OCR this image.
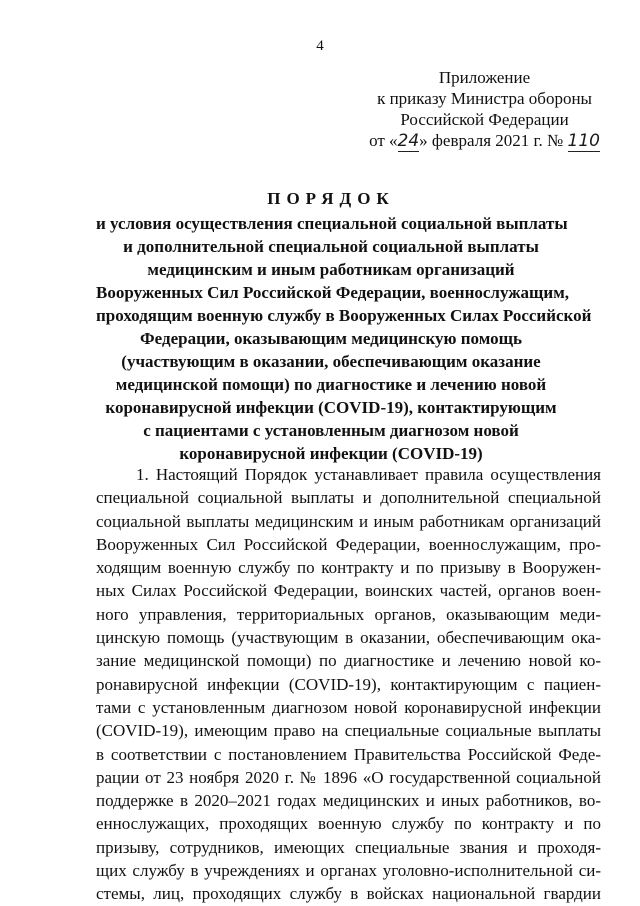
4
Приложение
к приказу Министра обороны
Российской Федерации
от «24» февраля 2021 г. № 110
ПОРЯДОК
и условия осуществления специальной социальной выплаты
и дополнительной специальной социальной выплаты
медицинским и иным работникам организаций
Вооруженных Сил Российской Федерации, военнослужащим,
проходящим военную службу в Вооруженных Силах Российской
Федерации, оказывающим медицинскую помощь
(участвующим в оказании, обеспечивающим оказание
медицинской помощи) по диагностике и лечению новой
коронавирусной инфекции (COVID-19), контактирующим
с пациентами с установленным диагнозом новой
коронавирусной инфекции (COVID-19)
1. Настоящий Порядок устанавливает правила осуществления
специальной социальной выплаты и дополнительной специальной
социальной выплаты медицинским и иным работникам организаций
Вооруженных Сил Российской Федерации, военнослужащим, про-
ходящим военную службу по контракту и по призыву в Вооружен-
ных Силах Российской Федерации, воинских частей, органов воен-
ного управления, территориальных органов, оказывающим меди-
цинскую помощь (участвующим в оказании, обеспечивающим ока-
зание медицинской помощи) по диагностике и лечению новой ко-
ронавирусной инфекции (COVID-19), контактирующим с пациен-
тами с установленным диагнозом новой коронавирусной инфекции
(COVID-19), имеющим право на специальные социальные выплаты
в соответствии с постановлением Правительства Российской Феде-
рации от 23 ноября 2020 г. № 1896 «О государственной социальной
поддержке в 2020–2021 годах медицинских и иных работников, во-
еннослужащих, проходящих военную службу по контракту и по
призыву, сотрудников, имеющих специальные звания и проходя-
щих службу в учреждениях и органах уголовно-исполнительной си-
стемы, лиц, проходящих службу в войсках национальной гвардии
